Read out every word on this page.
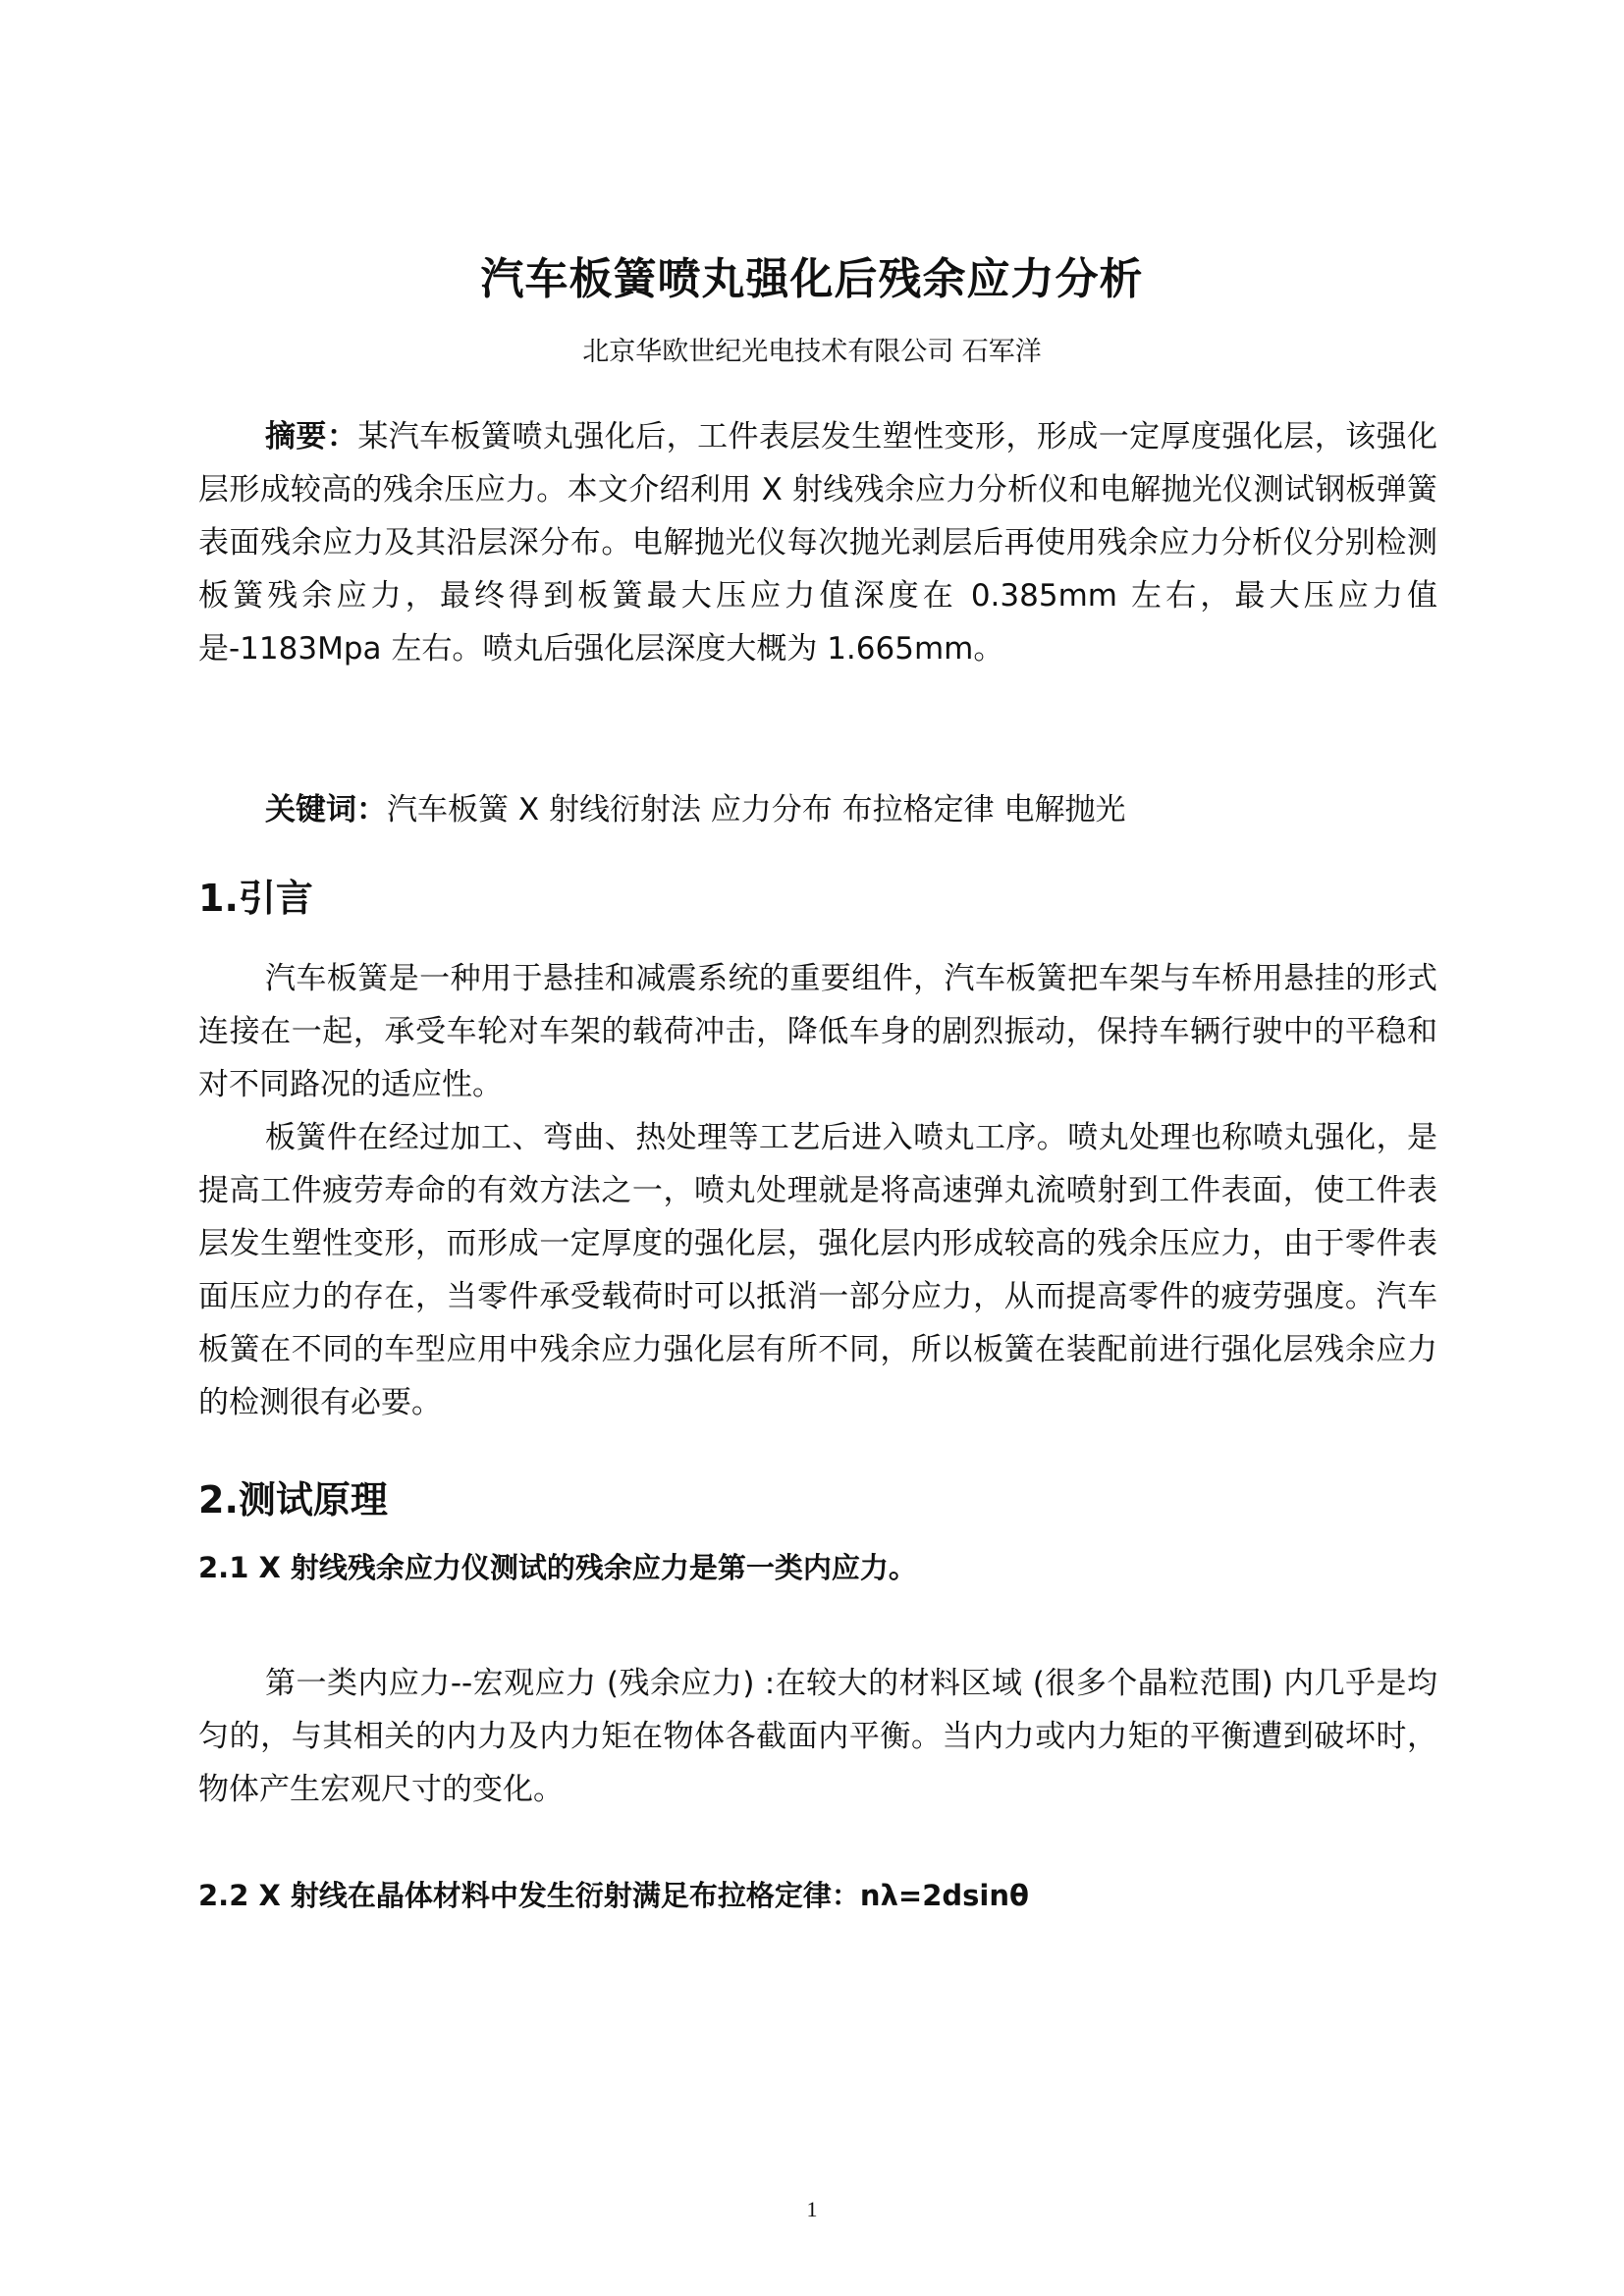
汽车板簧喷丸强化后残余应力分析
北京华欧世纪光电技术有限公司 石军洋

摘要：某汽车板簧喷丸强化后，工件表层发生塑性变形，形成一定厚度强化层，该强化层形成较高的残余压应力。本文介绍利用 X 射线残余应力分析仪和电解抛光仪测试钢板弹簧表面残余应力及其沿层深分布。电解抛光仪每次抛光剥层后再使用残余应力分析仪分别检测板簧残余应力，最终得到板簧最大压应力值深度在 0.385mm 左右，最大压应力值是-1183Mpa 左右。喷丸后强化层深度大概为 1.665mm。

关键词：汽车板簧 X 射线衍射法 应力分布 布拉格定律 电解抛光
1.引言

汽车板簧是一种用于悬挂和减震系统的重要组件，汽车板簧把车架与车桥用悬挂的形式连接在一起，承受车轮对车架的载荷冲击，降低车身的剧烈振动，保持车辆行驶中的平稳和对不同路况的适应性。

板簧件在经过加工、弯曲、热处理等工艺后进入喷丸工序。喷丸处理也称喷丸强化，是提高工件疲劳寿命的有效方法之一，喷丸处理就是将高速弹丸流喷射到工件表面，使工件表层发生塑性变形，而形成一定厚度的强化层，强化层内形成较高的残余压应力，由于零件表面压应力的存在，当零件承受载荷时可以抵消一部分应力，从而提高零件的疲劳强度。汽车板簧在不同的车型应用中残余应力强化层有所不同，所以板簧在装配前进行强化层残余应力的检测很有必要。

2.测试原理
2.1 X 射线残余应力仪测试的残余应力是第一类内应力。

第一类内应力--宏观应力 (残余应力) :在较大的材料区域 (很多个晶粒范围) 内几乎是均匀的，与其相关的内力及内力矩在物体各截面内平衡。当内力或内力矩的平衡遭到破坏时，物体产生宏观尺寸的变化。

2.2 X 射线在晶体材料中发生衍射满足布拉格定律：nλ=2dsinθ
1
